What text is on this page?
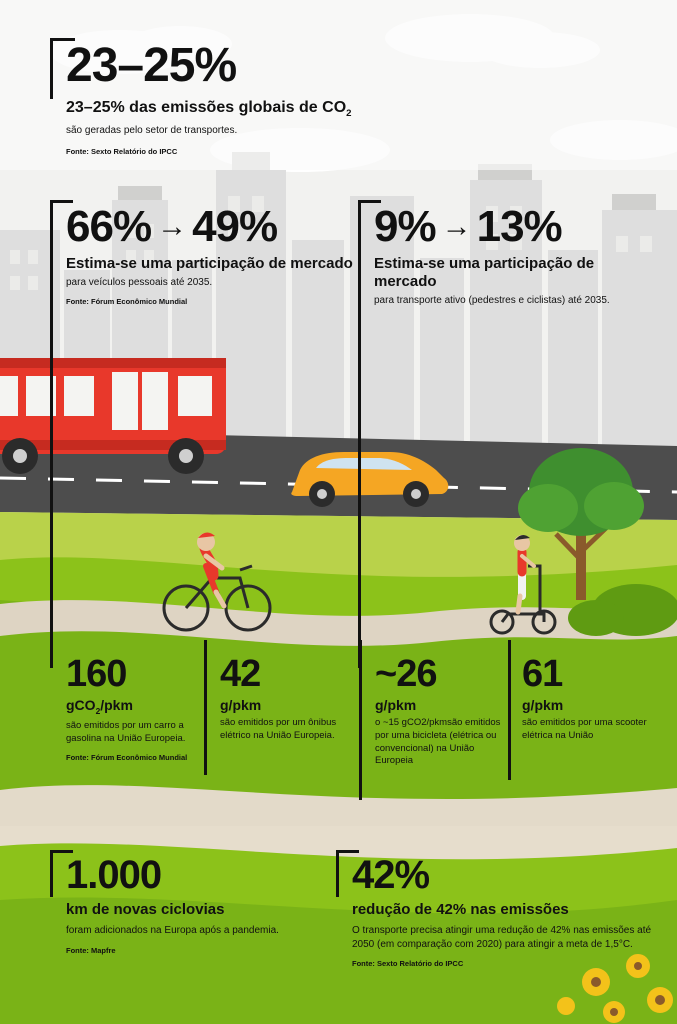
23–25%
23–25% das emissões globais de $CO_2$
são geradas pelo setor de transportes.
Fonte: Sexto Relatório do IPCC
66% → 49%
Estima-se uma participação de mercado
para veículos pessoais até 2035.
Fonte: Fórum Econômico Mundial
9% → 13%
Estima-se uma participação de mercado
para transporte ativo (pedestres e ciclistas) até 2035.
160
gCO$_2$/pkm
são emitidos por um carro a gasolina na União Europeia.
Fonte: Fórum Econômico Mundial
42
g/pkm
são emitidos por um ônibus elétrico na União Europeia.
~26
g/pkm
o ~15 gCO2/pkmsão emitidos por uma bicicleta (elétrica ou convencional) na União Europeia
61
g/pkm
são emitidos por uma scooter elétrica na União
1.000
km de novas ciclovias
foram adicionados na Europa após a pandemia.
Fonte: Mapfre
42%
redução de 42% nas emissões
O transporte precisa atingir uma redução de 42% nas emissões até 2050 (em comparação com 2020) para atingir a meta de 1,5°C.
Fonte: Sexto Relatório do IPCC
